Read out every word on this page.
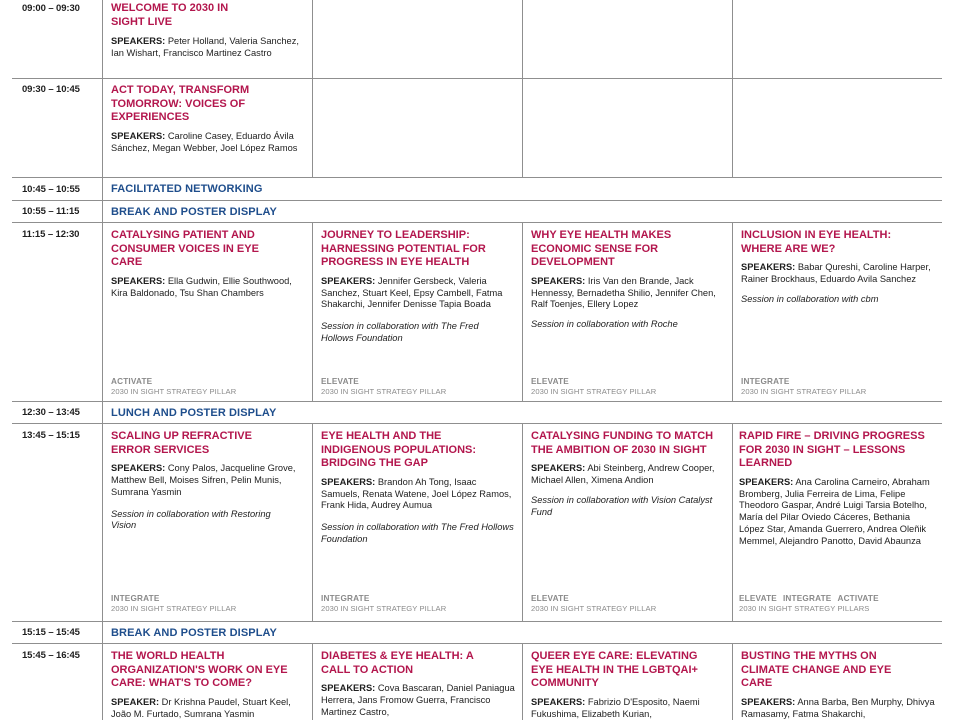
09:00 – 09:30
09:30 – 10:45
10:45 – 10:55
10:55 – 11:15
11:15 – 12:30
12:30 – 13:45
13:45 – 15:15
15:15 – 15:45
15:45 – 16:45
FACILITATED NETWORKING
BREAK AND POSTER DISPLAY
LUNCH AND POSTER DISPLAY
BREAK AND POSTER DISPLAY
WELCOME TO 2030 IN SIGHT LIVE
SPEAKERS: Peter Holland, Valeria Sanchez, Ian Wishart, Francisco Martinez Castro
ACT TODAY, TRANSFORM TOMORROW: VOICES OF EXPERIENCES
SPEAKERS: Caroline Casey, Eduardo Ávila Sánchez, Megan Webber, Joel López Ramos
CATALYSING PATIENT AND CONSUMER VOICES IN EYE CARE
SPEAKERS: Ella Gudwin, Ellie Southwood, Kira Baldonado, Tsu Shan Chambers
ACTIVATE
2030 IN SIGHT STRATEGY PILLAR
JOURNEY TO LEADERSHIP: HARNESSING POTENTIAL FOR PROGRESS IN EYE HEALTH
SPEAKERS: Jennifer Gersbeck, Valeria Sanchez, Stuart Keel, Epsy Cambell, Fatma Shakarchi, Jennifer Denisse Tapia Boada
Session in collaboration with The Fred Hollows Foundation
ELEVATE
2030 IN SIGHT STRATEGY PILLAR
WHY EYE HEALTH MAKES ECONOMIC SENSE FOR DEVELOPMENT
SPEAKERS: Iris Van den Brande, Jack Hennessy, Bernadetha Shilio, Jennifer Chen, Ralf Toenjes, Ellery Lopez
Session in collaboration with Roche
ELEVATE
2030 IN SIGHT STRATEGY PILLAR
INCLUSION IN EYE HEALTH: WHERE ARE WE?
SPEAKERS: Babar Qureshi, Caroline Harper, Rainer Brockhaus, Eduardo Avila Sanchez
Session in collaboration with cbm
INTEGRATE
2030 IN SIGHT STRATEGY PILLAR
SCALING UP REFRACTIVE ERROR SERVICES
SPEAKERS: Cony Palos, Jacqueline Grove, Matthew Bell, Moises Sifren, Pelin Munis, Sumrana Yasmin
Session in collaboration with Restoring Vision
INTEGRATE
2030 IN SIGHT STRATEGY PILLAR
EYE HEALTH AND THE INDIGENOUS POPULATIONS: BRIDGING THE GAP
SPEAKERS: Brandon Ah Tong, Isaac Samuels, Renata Watene, Joel López Ramos, Frank Hida, Audrey Aumua
Session in collaboration with The Fred Hollows Foundation
INTEGRATE
2030 IN SIGHT STRATEGY PILLAR
CATALYSING FUNDING TO MATCH THE AMBITION OF 2030 IN SIGHT
SPEAKERS: Abi Steinberg, Andrew Cooper, Michael Allen, Ximena Andion
Session in collaboration with Vision Catalyst Fund
ELEVATE
2030 IN SIGHT STRATEGY PILLAR
RAPID FIRE – DRIVING PROGRESS FOR 2030 IN SIGHT – LESSONS LEARNED
SPEAKERS: Ana Carolina Carneiro, Abraham Bromberg, Julia Ferreira de Lima, Felipe Theodoro Gaspar, André Luigi Tarsia Botelho, María del Pilar Oviedo Cáceres, Bethania López Star, Amanda Guerrero, Andrea Oleñik Memmel, Alejandro Panotto, David Abaunza
ELEVATE INTEGRATE ACTIVATE
2030 IN SIGHT STRATEGY PILLARS
THE WORLD HEALTH ORGANIZATION'S WORK ON EYE CARE: WHAT'S TO COME?
SPEAKER: Dr Krishna Paudel, Stuart Keel, João M. Furtado, Sumrana Yasmin
DIABETES & EYE HEALTH: A CALL TO ACTION
SPEAKERS: Cova Bascaran, Daniel Paniagua Herrera, Jans Fromow Guerra, Francisco Martinez Castro,
QUEER EYE CARE: ELEVATING EYE HEALTH IN THE LGBTQAI+ COMMUNITY
SPEAKERS: Fabrizio D'Esposito, Naemi Fukushima, Elizabeth Kurian,
BUSTING THE MYTHS ON CLIMATE CHANGE AND EYE CARE
SPEAKERS: Anna Barba, Ben Murphy, Dhivya Ramasamy, Fatma Shakarchi,
